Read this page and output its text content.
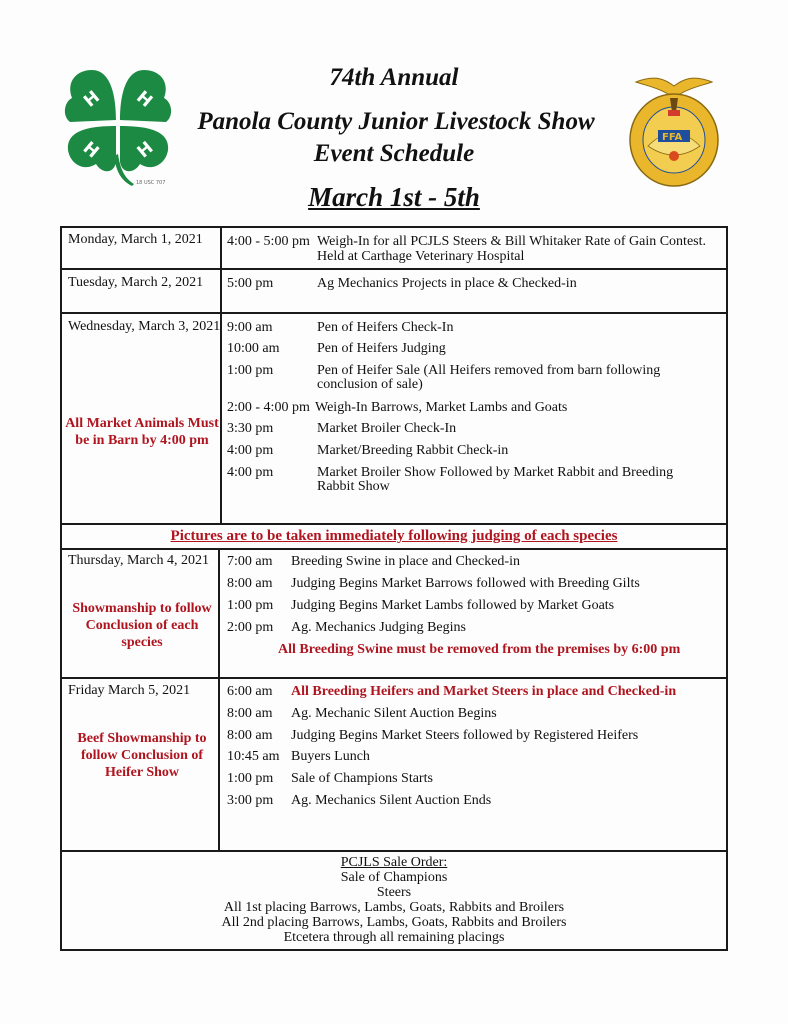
H H
H H
18 USC 707
FFA
74th Annual
Panola County Junior Livestock Show
Event Schedule
March 1st - 5th
Monday, March 1, 2021 4:00 - 5:00 pm Weigh-In for all PCJLS Steers & Bill Whitaker Rate of Gain Contest.
Held at Carthage Veterinary Hospital
Tuesday, March 2, 2021 5:00 pm	Ag Mechanics Projects in place & Checked-in
Wednesday, March 3, 2021
All Market Animals Must
be in Barn by 4:00 pm
9:00 am	Pen of Heifers Check-In
10:00 am	Pen of Heifers Judging
1:00 pm	Pen of Heifer Sale (All Heifers removed from barn following
conclusion of sale)
2:00 - 4:00 pm Weigh-In Barrows, Market Lambs and Goats
3:30 pm	Market Broiler Check-In
4:00 pm	Market/Breeding Rabbit Check-in
4:00 pm	Market Broiler Show Followed by Market Rabbit and Breeding
Rabbit Show
Pictures are to be taken immediately following judging of each species
Thursday, March 4, 2021
Showmanship to follow
Conclusion of each
species
7:00 am Breeding Swine in place and Checked-in
8:00 am Judging Begins Market Barrows followed with Breeding Gilts
1:00 pm Judging Begins Market Lambs followed by Market Goats
2:00 pm Ag. Mechanics Judging Begins
All Breeding Swine must be removed from the premises by 6:00 pm
Friday March 5, 2021
Beef Showmanship to
follow Conclusion of
Heifer Show
6:00 am All Breeding Heifers and Market Steers in place and Checked-in
8:00 am Ag. Mechanic Silent Auction Begins
8:00 am Judging Begins Market Steers followed by Registered Heifers
10:45 am Buyers Lunch
1:00 pm Sale of Champions Starts
3:00 pm Ag. Mechanics Silent Auction Ends
PCJLS Sale Order:
Sale of Champions
Steers
All 1st placing Barrows, Lambs, Goats, Rabbits and Broilers
All 2nd placing Barrows, Lambs, Goats, Rabbits and Broilers
Etcetera through all remaining placings
